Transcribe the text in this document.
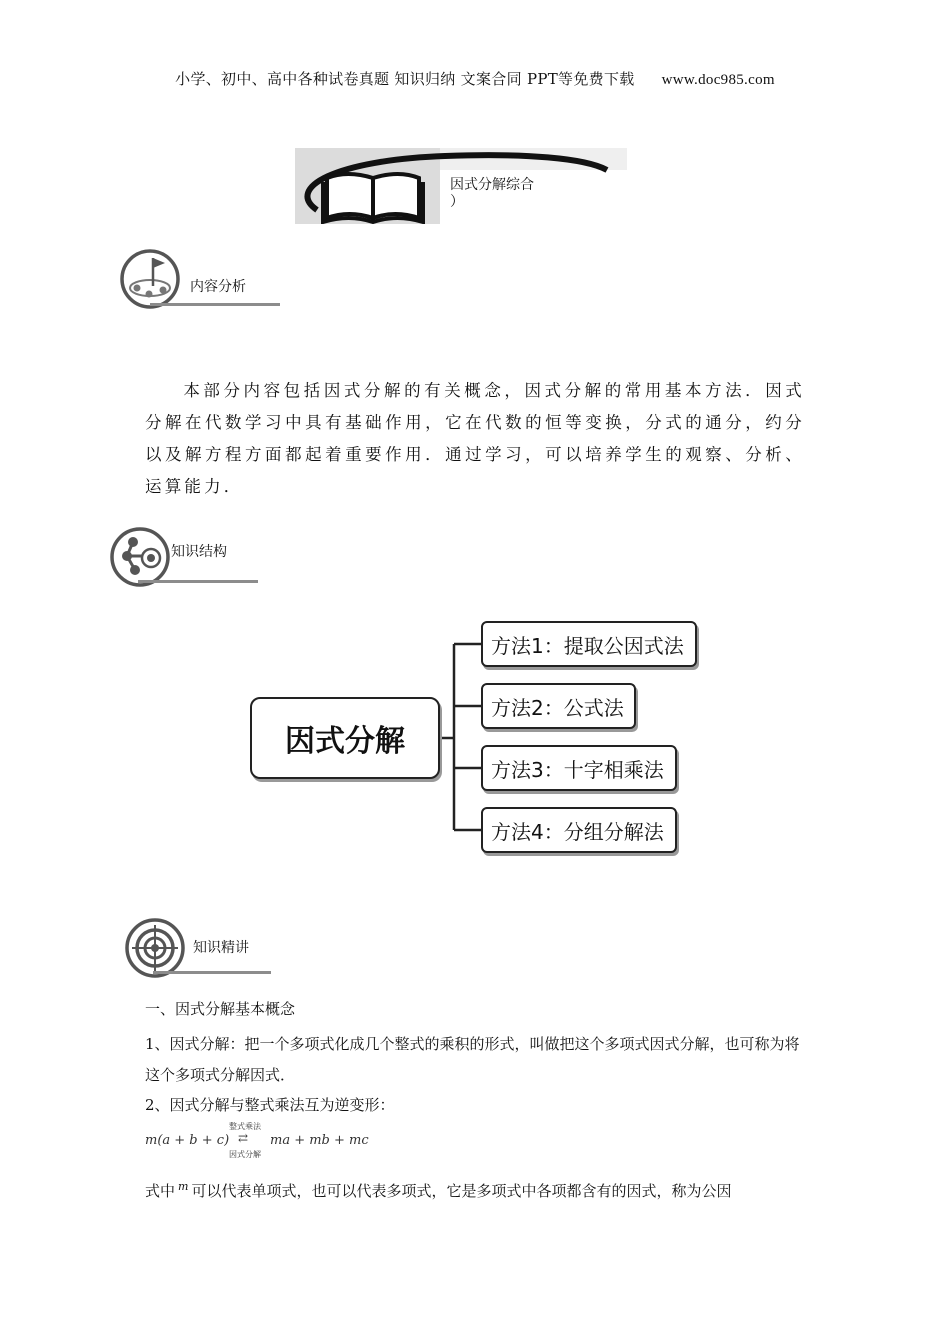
小学、初中、高中各种试卷真题 知识归纳 文案合同 PPT等免费下载 www.doc985.com
因式分解综合
）
内容分析
本部分内容包括因式分解的有关概念，因式分解的常用基本方法．因式分解在代数学习中具有基础作用，它在代数的恒等变换，分式的通分，约分以及解方程方面都起着重要作用．通过学习，可以培养学生的观察、分析、运算能力．
知识结构
因式分解
方法1：提取公因式法
方法2：公式法
方法3：十字相乘法
方法4：分组分解法
知识精讲
一、因式分解基本概念
1、因式分解：把一个多项式化成几个整式的乘积的形式，叫做把这个多项式因式分解，也可称为将这个多项式分解因式．
2、因式分解与整式乘法互为逆变形：
m(a + b + c)
整式乘法
⇄
因式分解
ma + mb + mc
式中 $^m$ 可以代表单项式，也可以代表多项式，它是多项式中各项都含有的因式，称为公因
